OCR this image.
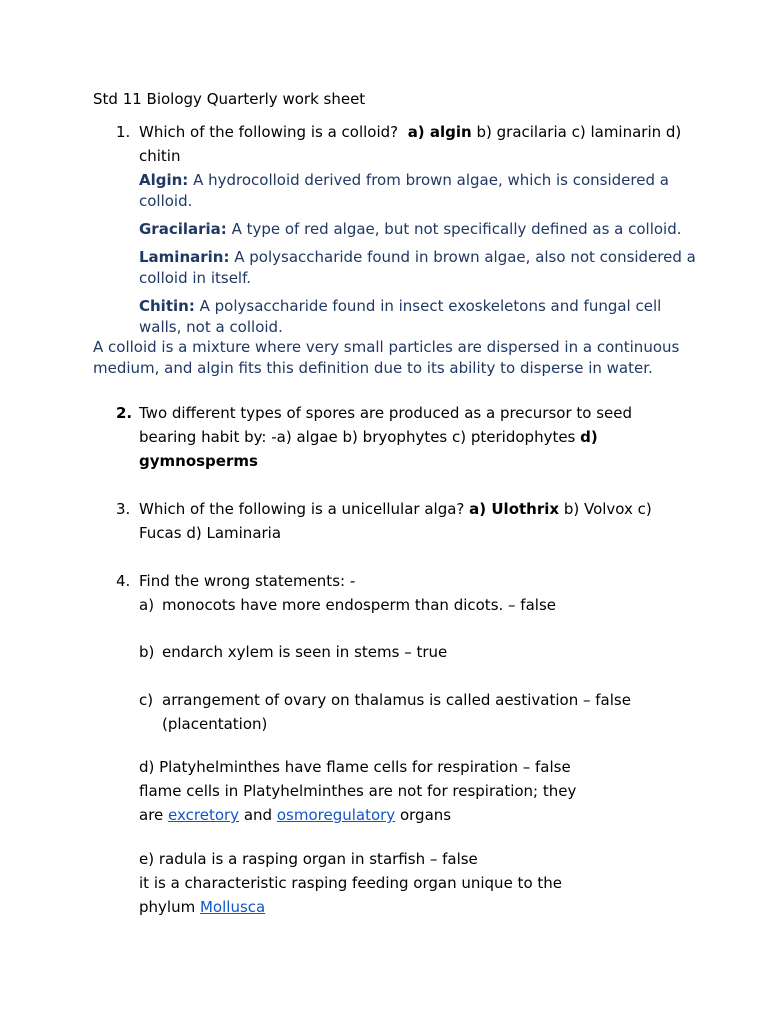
Std 11 Biology Quarterly work sheet
1. Which of the following is a colloid? a) algin b) gracilaria c) laminarin d)
chitin
Algin: A hydrocolloid derived from brown algae, which is considered a
colloid.
Gracilaria: A type of red algae, but not specifically defined as a colloid.
Laminarin: A polysaccharide found in brown algae, also not considered a
colloid in itself.
Chitin: A polysaccharide found in insect exoskeletons and fungal cell
walls, not a colloid.
A colloid is a mixture where very small particles are dispersed in a continuous
medium, and algin fits this definition due to its ability to disperse in water.
2. Two different types of spores are produced as a precursor to seed
bearing habit by: -a) algae b) bryophytes c) pteridophytes d)
gymnosperms
3. Which of the following is a unicellular alga? a) Ulothrix b) Volvox c)
Fucas d) Laminaria
4. Find the wrong statements: -
a) monocots have more endosperm than dicots. – false
b) endarch xylem is seen in stems – true
c) arrangement of ovary on thalamus is called aestivation – false
(placentation)
d) Platyhelminthes have flame cells for respiration – false
flame cells in Platyhelminthes are not for respiration; they
are excretory and osmoregulatory organs
e) radula is a rasping organ in starfish – false
it is a characteristic rasping feeding organ unique to the
phylum Mollusca
